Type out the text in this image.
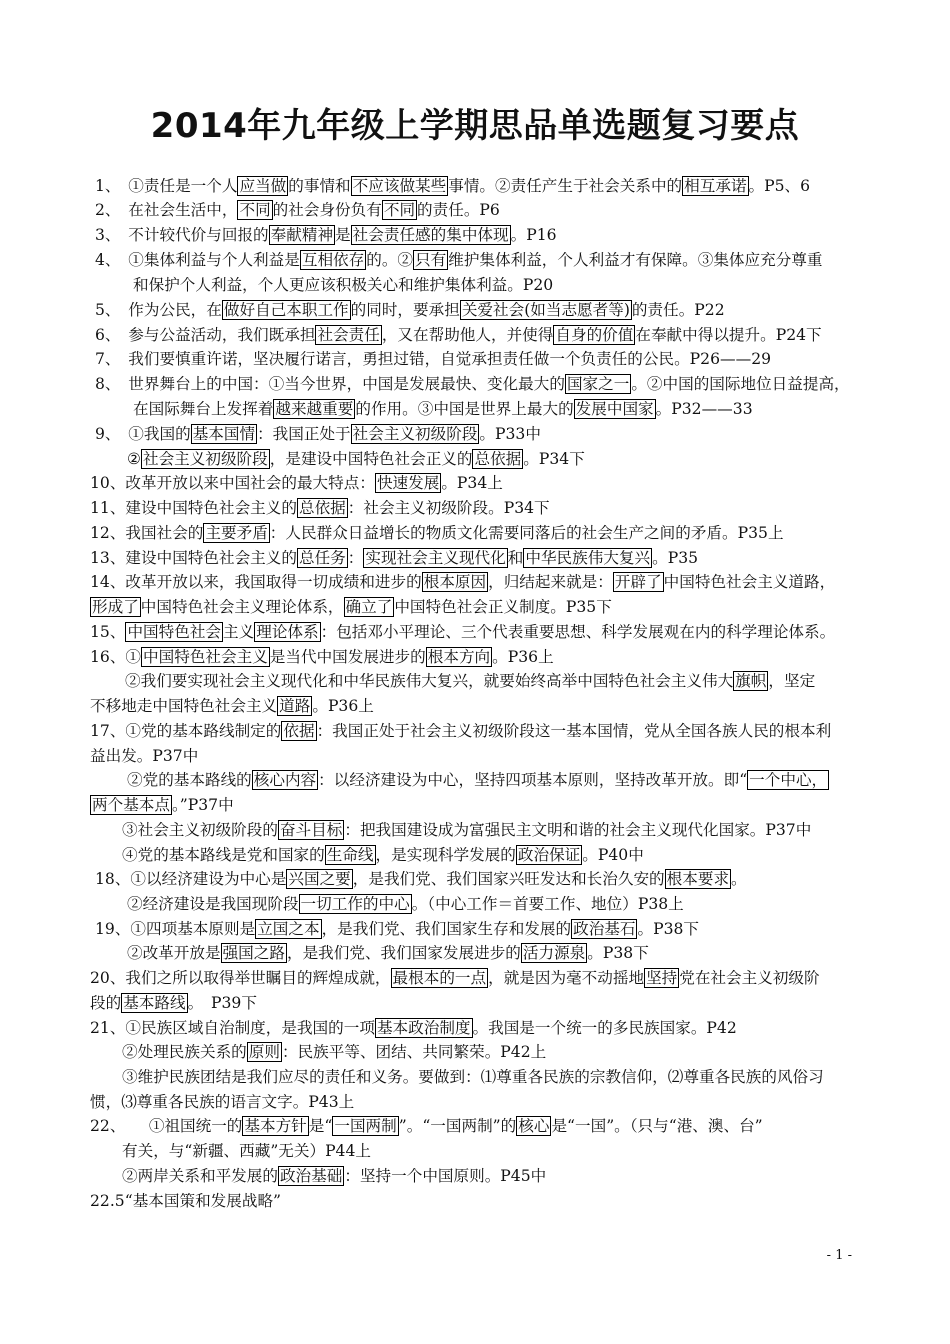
2014年九年级上学期思品单选题复习要点
1、　①责任是一个人 应当做 的事情和 不应该做某些 事情。②责任产生于社会关系中的 相互承诺 。P5、6
2、　在社会生活中， 不同 的社会身份负有 不同 的责任。P6
3、　不计较代价与回报的 奉献精神 是 社会责任感的集中体现 。P16
4、　①集体利益与个人利益是 互相依存 的。② 只有 维护集体利益，个人利益才有保障。③集体应充分尊重
和保护个人利益，个人更应该积极关心和维护集体利益。P20
5、　作为公民，在 做好自己本职工作 的同时，要承担 关爱社会(如当志愿者等) 的责任。P22
6、　参与公益活动，我们既承担 社会责任 ，又在帮助他人，并使得 自身的价值 在奉献中得以提升。P24下
7、　我们要慎重许诺，坚决履行诺言，勇担过错，自觉承担责任做一个负责任的公民。P26——29
8、　世界舞台上的中国：①当今世界，中国是发展最快、变化最大的 国家之一 。②中国的国际地位日益提高，
在国际舞台上发挥着 越来越重要 的作用。③中国是世界上最大的 发展中国家 。P32——33
9、　①我国的 基本国情 ：我国正处于 社会主义初级阶段 。P33中
② 社会主义初级阶段 ，是建设中国特色社会正义的 总依据 。P34下
10、改革开放以来中国社会的最大特点： 快速发展 。P34上
11、建设中国特色社会主义的 总依据 ：社会主义初级阶段。P34下
12、我国社会的 主要矛盾 ：人民群众日益增长的物质文化需要同落后的社会生产之间的矛盾。P35上
13、建设中国特色社会主义的 总任务 ： 实现社会主义现代化 和 中华民族伟大复兴 。P35
14、改革开放以来，我国取得一切成绩和进步的 根本原因 ，归结起来就是： 开辟了 中国特色社会主义道路，
形成了 中国特色社会主义理论体系， 确立了 中国特色社会正义制度。P35下
15、 中国特色社会 主义 理论体系 ：包括邓小平理论、三个代表重要思想、科学发展观在内的科学理论体系。
16、① 中国特色社会主义 是当代中国发展进步的 根本方向 。P36上
②我们要实现社会主义现代化和中华民族伟大复兴，就要始终高举中国特色社会主义伟大 旗帜 ，坚定
不移地走中国特色社会主义 道路 。P36上
17、①党的基本路线制定的 依据 ：我国正处于社会主义初级阶段这一基本国情，党从全国各族人民的根本利
益出发。P37中
②党的基本路线的 核心内容 ：以经济建设为中心，坚持四项基本原则，坚持改革开放。即“ 一个中心，
两个基本点 。”P37中
③社会主义初级阶段的 奋斗目标 ：把我国建设成为富强民主文明和谐的社会主义现代化国家。P37中
④党的基本路线是党和国家的 生命线 ，是实现科学发展的 政治保证 。P40中
18、①以经济建设为中心是 兴国之要 ，是我们党、我们国家兴旺发达和长治久安的 根本要求 。
②经济建设是我国现阶段 一切工作的中心 。（中心工作＝首要工作、地位）P38上
19、①四项基本原则是 立国之本 ，是我们党、我们国家生存和发展的 政治基石 。P38下
②改革开放是 强国之路 ，是我们党、我们国家发展进步的 活力源泉 。P38下
20、我们之所以取得举世瞩目的辉煌成就， 最根本的一点 ，就是因为毫不动摇地 坚持 党在社会主义初级阶
段的 基本路线 。　P39下
21、①民族区域自治制度，是我国的一项 基本政治制度 。我国是一个统一的多民族国家。P42
②处理民族关系的 原则 ：民族平等、团结、共同繁荣。P42上
③维护民族团结是我们应尽的责任和义务。要做到：⑴尊重各民族的宗教信仰，⑵尊重各民族的风俗习
惯，⑶尊重各民族的语言文字。P43上
22、　　①祖国统一的 基本方针 是“ 一国两制 ”。“一国两制”的 核心 是“一国”。（只与“港、澳、台”
有关，与“新疆、西藏”无关）P44上
②两岸关系和平发展的 政治基础 ：坚持一个中国原则。P45中
22.5“基本国策和发展战略”
- 1 -
